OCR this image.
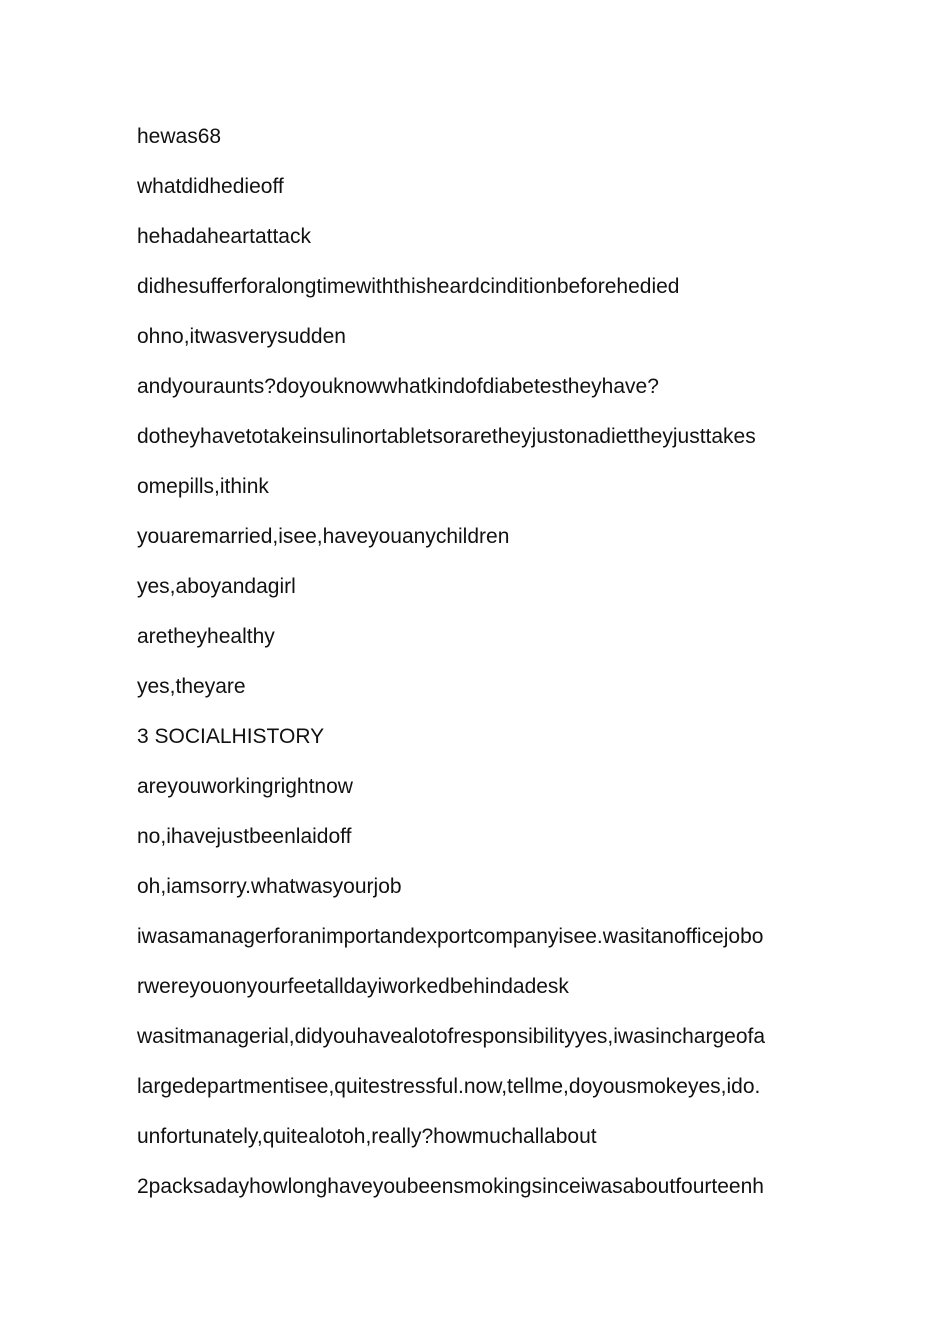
hewas68
whatdidhedieoff
hehadaheartattack
didhesufferforalongtimewiththisheardcinditionbeforehedied
ohno,itwasverysudden
andyouraunts?doyouknowwhatkindofdiabetestheyhave?
dotheyhavetotakeinsulinortabletsoraretheyjustonadiettheyjusttakes
omepills,ithink
youaremarried,isee,haveyouanychildren
yes,aboyandagirl
aretheyhealthy
yes,theyare
3 SOCIALHISTORY
areyouworkingrightnow
no,ihavejustbeenlaidoff
oh,iamsorry.whatwasyourjob
iwasamanagerforanimportandexportcompanyisee.wasitanofficejobo
rwereyouonyourfeetalldayiworkedbehindadesk
wasitmanagerial,didyouhavealotofresponsibilityyes,iwasinchargeofa
largedepartmentisee,quitestressful.now,tellme,doyousmokeyes,ido.
unfortunately,quitealotoh,really?howmuchallabout
2packsadayhowlonghaveyoubeensmokingsinceiwasaboutfourteenh
